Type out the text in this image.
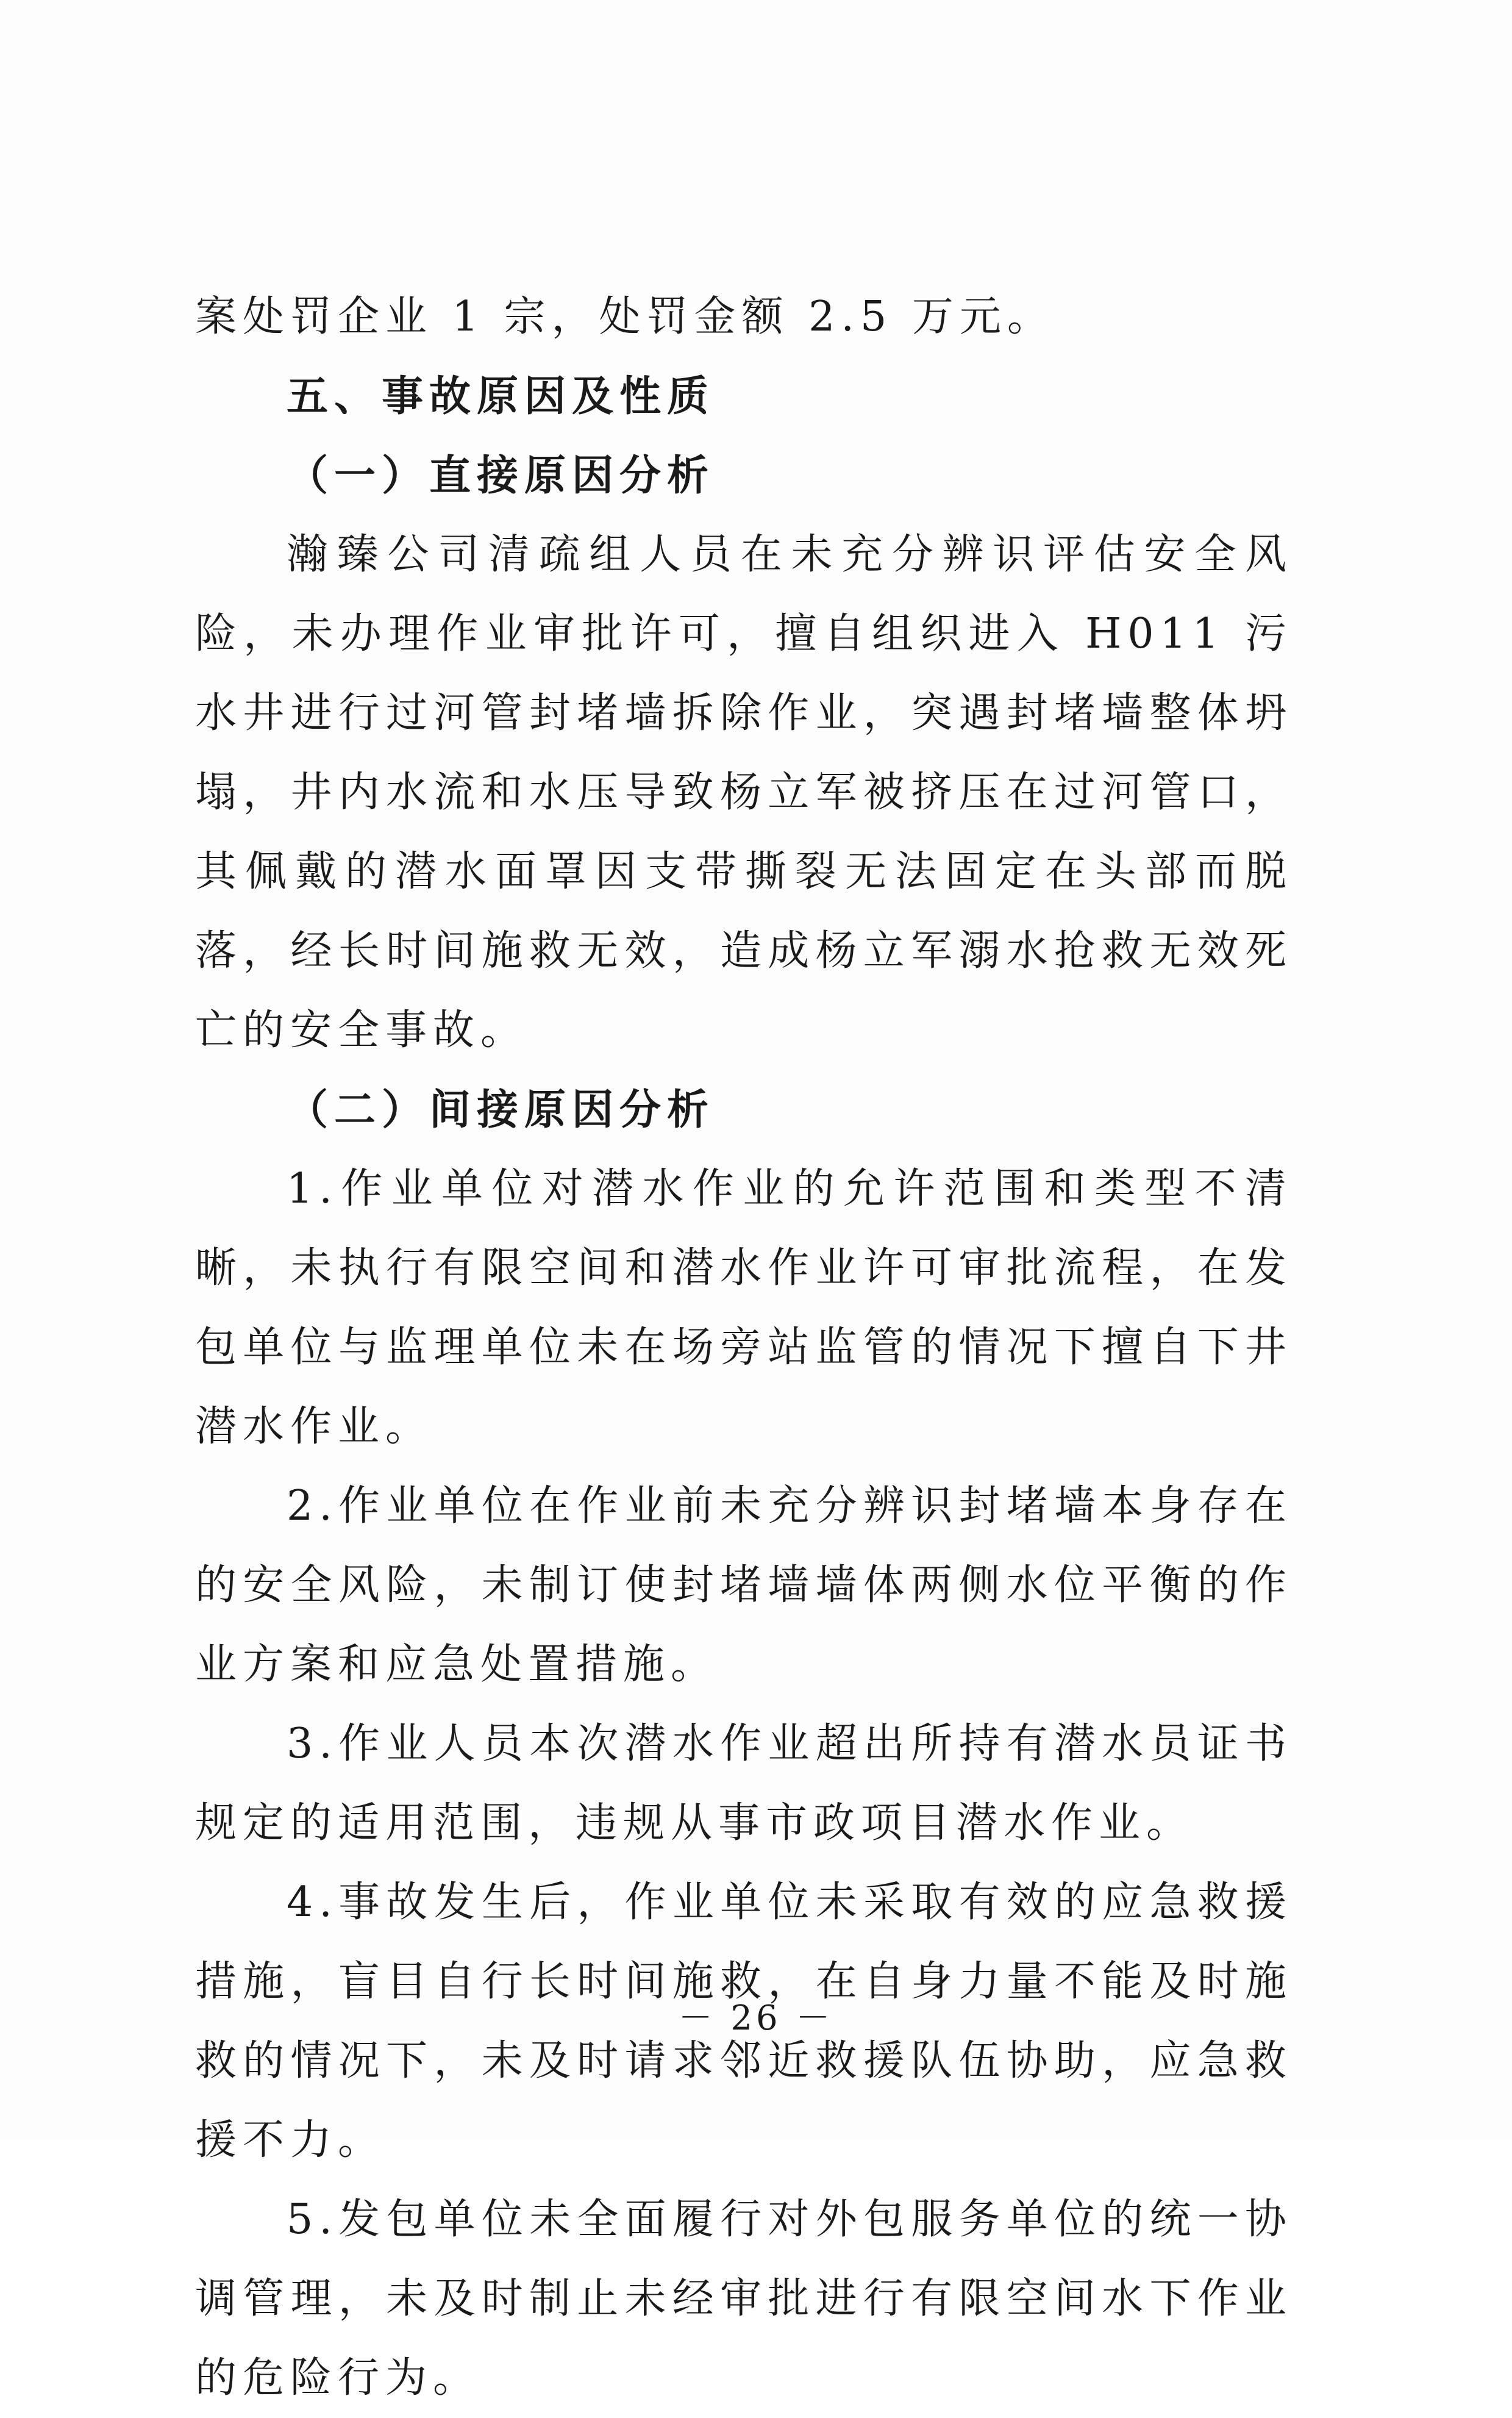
案处罚企业 1 宗，处罚金额 2.5 万元。

五、事故原因及性质

（一）直接原因分析

瀚臻公司清疏组人员在未充分辨识评估安全风险，未办理作业审批许可，擅自组织进入 H011 污水井进行过河管封堵墙拆除作业，突遇封堵墙整体坍塌，井内水流和水压导致杨立军被挤压在过河管口，其佩戴的潜水面罩因支带撕裂无法固定在头部而脱落，经长时间施救无效，造成杨立军溺水抢救无效死亡的安全事故。

（二）间接原因分析

1.作业单位对潜水作业的允许范围和类型不清晰，未执行有限空间和潜水作业许可审批流程，在发包单位与监理单位未在场旁站监管的情况下擅自下井潜水作业。

2.作业单位在作业前未充分辨识封堵墙本身存在的安全风险，未制订使封堵墙墙体两侧水位平衡的作业方案和应急处置措施。

3.作业人员本次潜水作业超出所持有潜水员证书规定的适用范围，违规从事市政项目潜水作业。

4.事故发生后，作业单位未采取有效的应急救援措施，盲目自行长时间施救，在自身力量不能及时施救的情况下，未及时请求邻近救援队伍协助，应急救援不力。

5.发包单位未全面履行对外包服务单位的统一协调管理，未及时制止未经审批进行有限空间水下作业的危险行为。

－ 26 －
